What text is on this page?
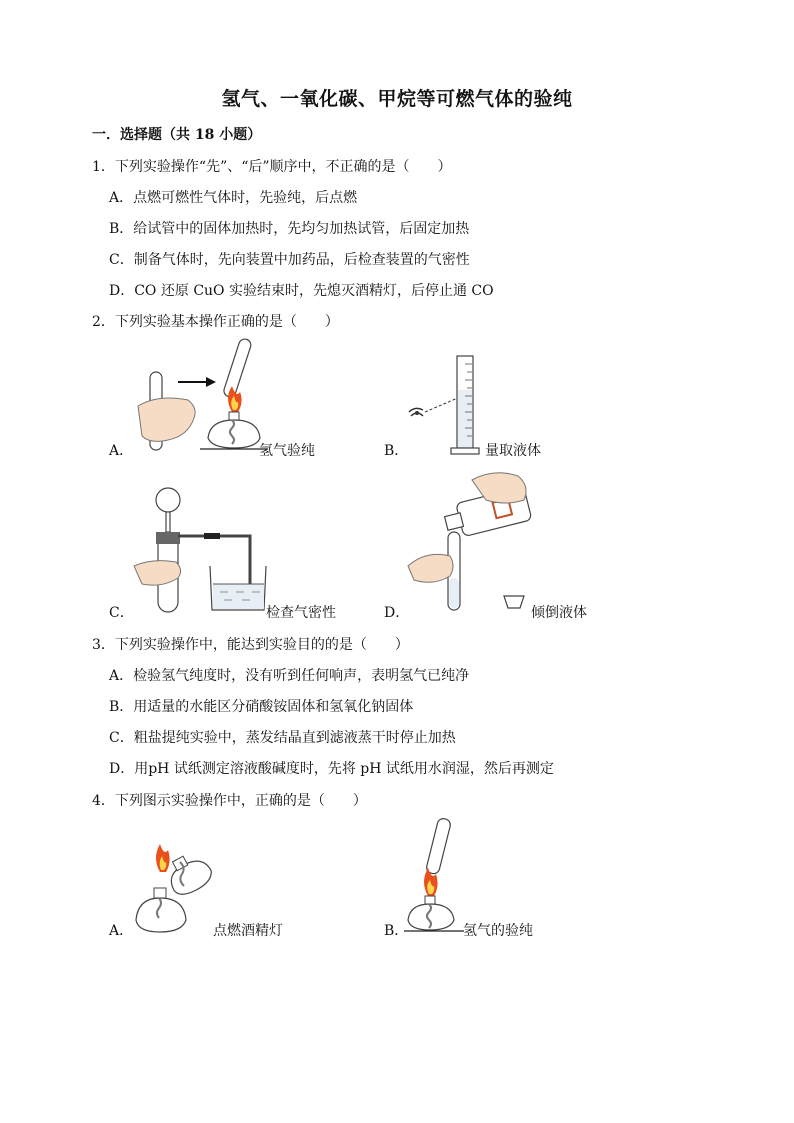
氢气、一氧化碳、甲烷等可燃气体的验纯
一．选择题（共 18 小题）
1．下列实验操作“先”、“后”顺序中，不正确的是（　　）
A．点燃可燃性气体时，先验纯，后点燃
B．给试管中的固体加热时，先均匀加热试管，后固定加热
C．制备气体时，先向装置中加药品，后检查装置的气密性
D．CO 还原 CuO 实验结束时，先熄灭酒精灯，后停止通 CO
2．下列实验基本操作正确的是（　　）
A．	氢气验纯	B．	量取液体
C．	检查气密性	D．	倾倒液体
3．下列实验操作中，能达到实验目的的是（　　）
A．检验氢气纯度时，没有听到任何响声，表明氢气已纯净
B．用适量的水能区分硝酸铵固体和氢氧化钠固体
C．粗盐提纯实验中，蒸发结晶直到滤液蒸干时停止加热
D．用pH 试纸测定溶液酸碱度时，先将 pH 试纸用水润湿，然后再测定
4．下列图示实验操作中，正确的是（　　）
A．	点燃酒精灯	B．	氢气的验纯
